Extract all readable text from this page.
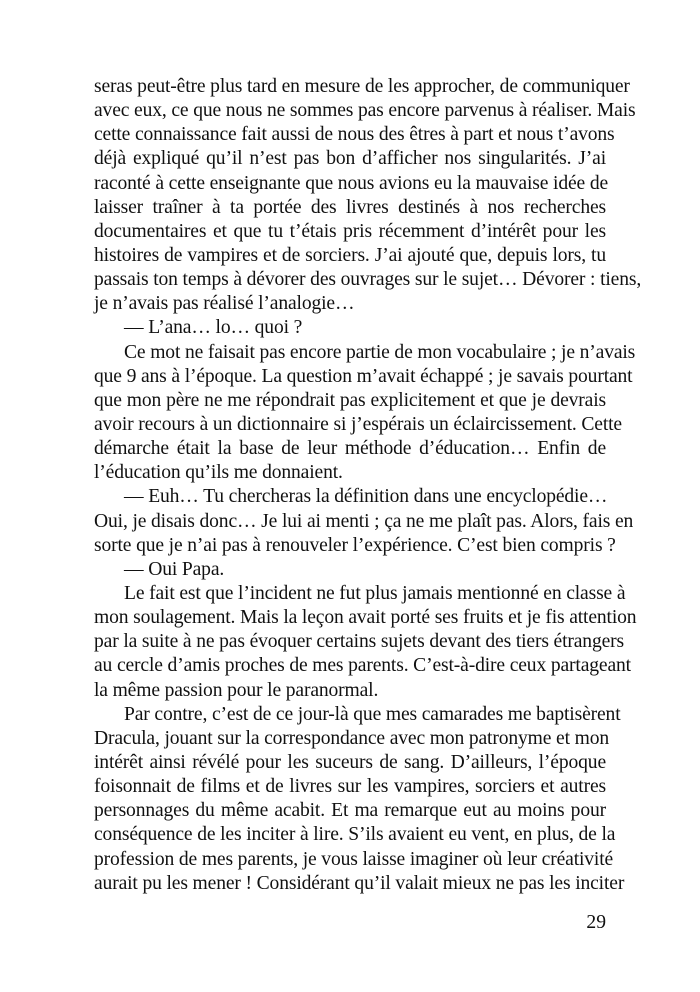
seras peut-être plus tard en mesure de les approcher, de communiquer
avec eux, ce que nous ne sommes pas encore parvenus à réaliser. Mais
cette connaissance fait aussi de nous des êtres à part et nous t’avons
déjà expliqué qu’il n’est pas bon d’afficher nos singularités. J’ai
raconté à cette enseignante que nous avions eu la mauvaise idée de
laisser traîner à ta portée des livres destinés à nos recherches
documentaires et que tu t’étais pris récemment d’intérêt pour les
histoires de vampires et de sorciers. J’ai ajouté que, depuis lors, tu
passais ton temps à dévorer des ouvrages sur le sujet… Dévorer : tiens,
je n’avais pas réalisé l’analogie…
— L’ana… lo… quoi ?
Ce mot ne faisait pas encore partie de mon vocabulaire ; je n’avais
que 9 ans à l’époque. La question m’avait échappé ; je savais pourtant
que mon père ne me répondrait pas explicitement et que je devrais
avoir recours à un dictionnaire si j’espérais un éclaircissement. Cette
démarche était la base de leur méthode d’éducation… Enfin de
l’éducation qu’ils me donnaient.
— Euh… Tu chercheras la définition dans une encyclopédie…
Oui, je disais donc… Je lui ai menti ; ça ne me plaît pas. Alors, fais en
sorte que je n’ai pas à renouveler l’expérience. C’est bien compris ?
— Oui Papa.
Le fait est que l’incident ne fut plus jamais mentionné en classe à
mon soulagement. Mais la leçon avait porté ses fruits et je fis attention
par la suite à ne pas évoquer certains sujets devant des tiers étrangers
au cercle d’amis proches de mes parents. C’est-à-dire ceux partageant
la même passion pour le paranormal.
Par contre, c’est de ce jour-là que mes camarades me baptisèrent
Dracula, jouant sur la correspondance avec mon patronyme et mon
intérêt ainsi révélé pour les suceurs de sang. D’ailleurs, l’époque
foisonnait de films et de livres sur les vampires, sorciers et autres
personnages du même acabit. Et ma remarque eut au moins pour
conséquence de les inciter à lire. S’ils avaient eu vent, en plus, de la
profession de mes parents, je vous laisse imaginer où leur créativité
aurait pu les mener ! Considérant qu’il valait mieux ne pas les inciter
29
